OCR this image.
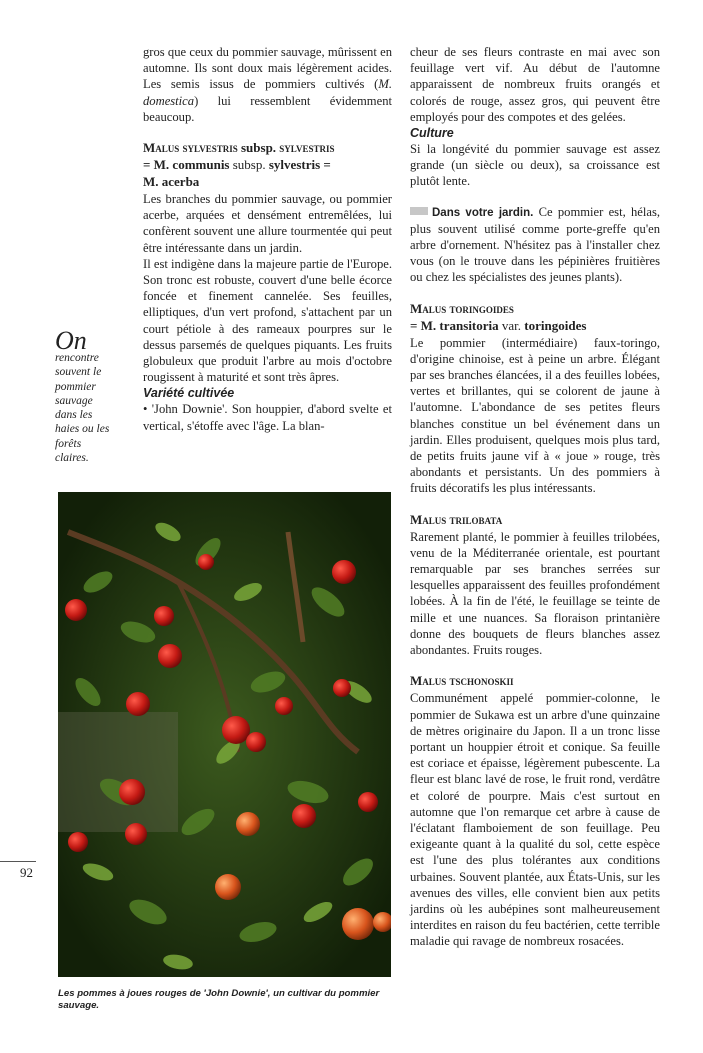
On
rencontre souvent le pommier sauvage dans les haies ou les forêts claires.

gros que ceux du pommier sauvage, mûrissent en automne. Ils sont doux mais légèrement acides. Les semis issus de pommiers cultivés (M. domestica) lui ressemblent évidemment beaucoup.

Malus sylvestris subsp. sylvestris
= M. communis subsp. sylvestris =
M. acerba

Les branches du pommier sauvage, ou pommier acerbe, arquées et densément entremêlées, lui confèrent souvent une allure tourmentée qui peut être intéressante dans un jardin.

Il est indigène dans la majeure partie de l'Europe. Son tronc est robuste, couvert d'une belle écorce foncée et finement cannelée. Ses feuilles, elliptiques, d'un vert profond, s'attachent par un court pétiole à des rameaux pourpres sur le dessus parsemés de quelques piquants. Les fruits globuleux que produit l'arbre au mois d'octobre rougissent à maturité et sont très âpres.

Variété cultivée

• 'John Downie'. Son houppier, d'abord svelte et vertical, s'étoffe avec l'âge. La blan-

cheur de ses fleurs contraste en mai avec son feuillage vert vif. Au début de l'automne apparaissent de nombreux fruits orangés et colorés de rouge, assez gros, qui peuvent être employés pour des compotes et des gelées.

Culture

Si la longévité du pommier sauvage est assez grande (un siècle ou deux), sa croissance est plutôt lente.

Dans votre jardin. Ce pommier est, hélas, plus souvent utilisé comme porte-greffe qu'en arbre d'ornement. N'hésitez pas à l'installer chez vous (on le trouve dans les pépinières fruitières ou chez les spécialistes des jeunes plants).

Malus toringoides
= M. transitoria var. toringoides

Le pommier (intermédiaire) faux-toringo, d'origine chinoise, est à peine un arbre. Élégant par ses branches élancées, il a des feuilles lobées, vertes et brillantes, qui se colorent de jaune à l'automne. L'abondance de ses petites fleurs blanches constitue un bel événement dans un jardin. Elles produisent, quelques mois plus tard, de petits fruits jaune vif à « joue » rouge, très abondants et persistants. Un des pommiers à fruits décoratifs les plus intéressants.

Malus trilobata

Rarement planté, le pommier à feuilles trilobées, venu de la Méditerranée orientale, est pourtant remarquable par ses branches serrées sur lesquelles apparaissent des feuilles profondément lobées. À la fin de l'été, le feuillage se teinte de mille et une nuances. Sa floraison printanière donne des bouquets de fleurs blanches assez abondantes. Fruits rouges.

Malus tschonoskii

Communément appelé pommier-colonne, le pommier de Sukawa est un arbre d'une quinzaine de mètres originaire du Japon. Il a un tronc lisse portant un houppier étroit et conique. Sa feuille est coriace et épaisse, légèrement pubescente. La fleur est blanc lavé de rose, le fruit rond, verdâtre et coloré de pourpre. Mais c'est surtout en automne que l'on remarque cet arbre à cause de l'éclatant flamboiement de son feuillage. Peu exigeante quant à la qualité du sol, cette espèce est l'une des plus tolérantes aux conditions urbaines. Souvent plantée, aux États-Unis, sur les avenues des villes, elle convient bien aux petits jardins où les aubépines sont malheureusement interdites en raison du feu bactérien, cette terrible maladie qui ravage de nombreux rosacées.

Les pommes à joues rouges de 'John Downie', un cultivar du pommier sauvage.
92
